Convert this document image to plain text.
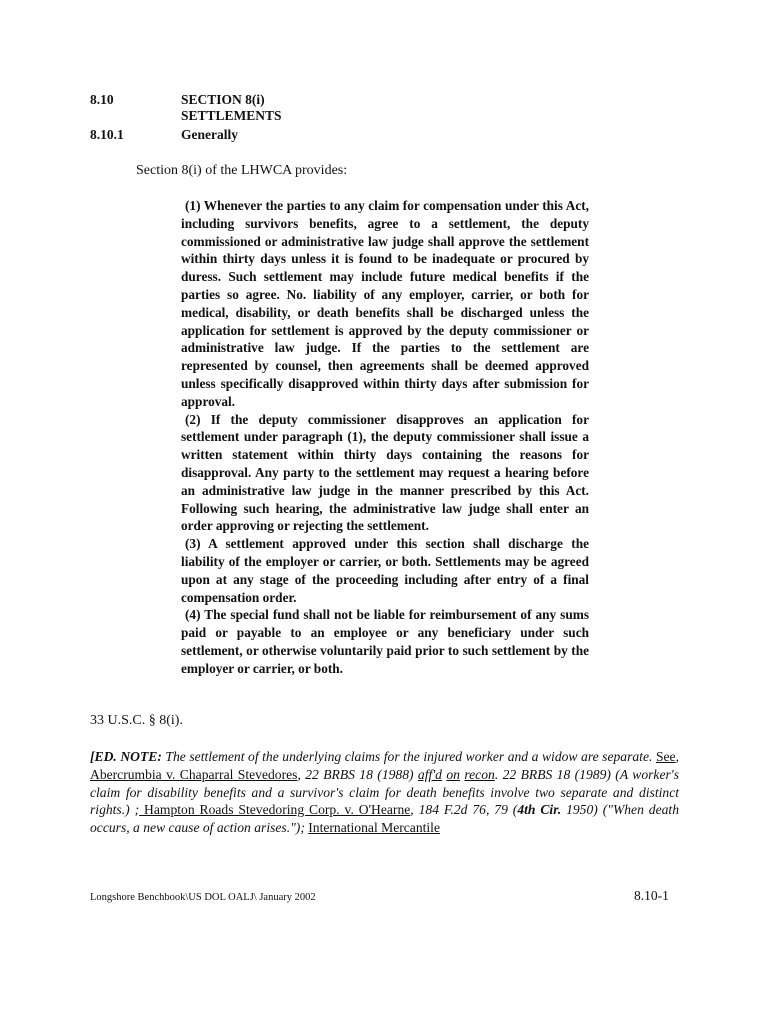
8.10	SECTION 8(i) SETTLEMENTS
8.10.1	Generally
Section 8(i) of the LHWCA provides:

(1) Whenever the parties to any claim for compensation under this Act, including survivors benefits, agree to a settlement, the deputy commissioned or administrative law judge shall approve the settlement within thirty days unless it is found to be inadequate or procured by duress. Such settlement may include future medical benefits if the parties so agree. No. liability of any employer, carrier, or both for medical, disability, or death benefits shall be discharged unless the application for settlement is approved by the deputy commissioner or administrative law judge. If the parties to the settlement are represented by counsel, then agreements shall be deemed approved unless specifically disapproved within thirty days after submission for approval.

(2) If the deputy commissioner disapproves an application for settlement under paragraph (1), the deputy commissioner shall issue a written statement within thirty days containing the reasons for disapproval. Any party to the settlement may request a hearing before an administrative law judge in the manner prescribed by this Act. Following such hearing, the administrative law judge shall enter an order approving or rejecting the settlement.

(3) A settlement approved under this section shall discharge the liability of the employer or carrier, or both. Settlements may be agreed upon at any stage of the proceeding including after entry of a final compensation order.

(4) The special fund shall not be liable for reimbursement of any sums paid or payable to an employee or any beneficiary under such settlement, or otherwise voluntarily paid prior to such settlement by the employer or carrier, or both.

33 U.S.C. § 8(i).
[ED. NOTE: The settlement of the underlying claims for the injured worker and a widow are separate. See, Abercrumbia v. Chaparral Stevedores, 22 BRBS 18 (1988) aff'd on recon. 22 BRBS 18 (1989) (A worker's claim for disability benefits and a survivor's claim for death benefits involve two separate and distinct rights.) ; Hampton Roads Stevedoring Corp. v. O'Hearne, 184 F.2d 76, 79 (4th Cir. 1950) ("When death occurs, a new cause of action arises."); International Mercantile
Longshore Benchbook\US DOL OALJ\ January 2002	8.10-1
